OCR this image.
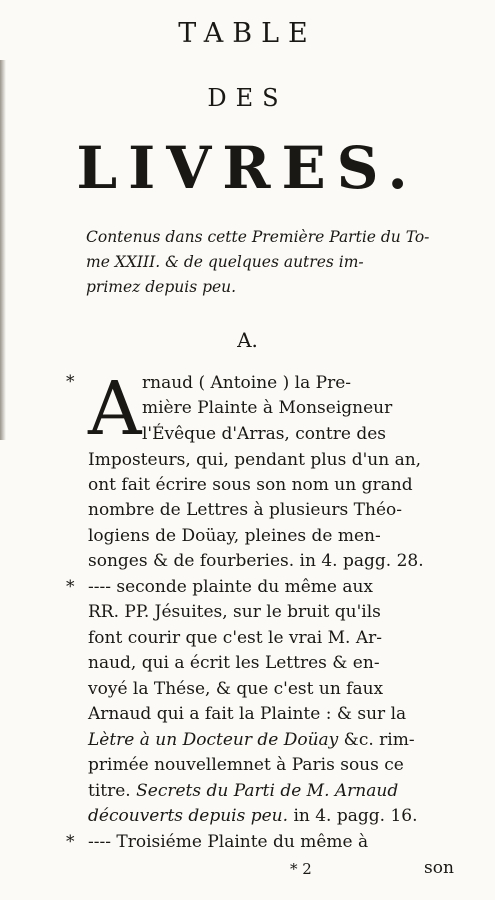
TABLE
DES
LIVRES.
Contenus dans cette Première Partie du To-
me XXIII. & de quelques autres im-
primez depuis peu.
A.
* A rnaud ( Antoine ) la Pre-
mière Plainte à Monseigneur
l'Évêque d'Arras, contre des
Imposteurs, qui, pendant plus d'un an,
ont fait écrire sous son nom un grand
nombre de Lettres à plusieurs Théo-
logiens de Doüay, pleines de men-
songes & de fourberies. in 4. pagg. 28.
* ---- seconde plainte du même aux
RR. PP. Jésuites, sur le bruit qu'ils
font courir que c'est le vrai M. Ar-
naud, qui a écrit les Lettres & en-
voyé la Thése, & que c'est un faux
Arnaud qui a fait la Plainte : & sur la
Lètre à un Docteur de Doüay &c. rim-
primée nouvellemnet à Paris sous ce
titre. Secrets du Parti de M. Arnaud
découverts depuis peu. in 4. pagg. 16.
* ---- Troisiéme Plainte du même à
* 2	son
